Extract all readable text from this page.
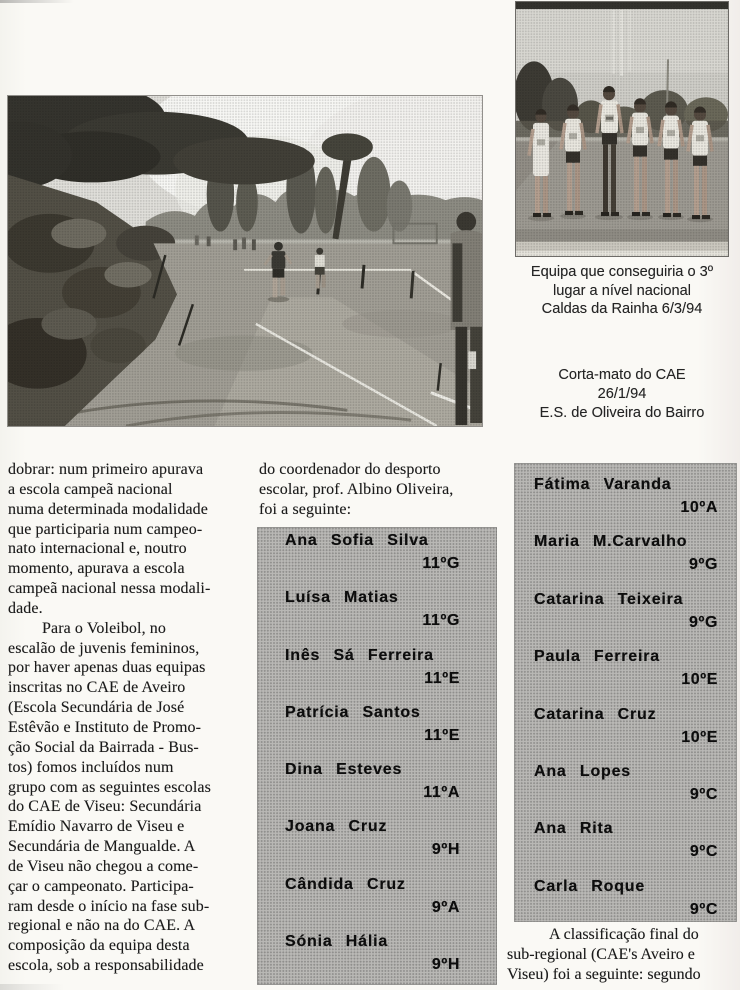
Equipa que conseguiria o 3º
lugar a nível nacional
Caldas da Rainha 6/3/94
Corta-mato do CAE
26/1/94
E.S. de Oliveira do Bairro
dobrar: num primeiro apurava
a escola campeã nacional
numa determinada modalidade
que participaria num campeo-
nato internacional e, noutro
momento, apurava a escola
campeã nacional nessa modali-
dade.
Para o Voleibol, no
escalão de juvenis femininos,
por haver apenas duas equipas
inscritas no CAE de Aveiro
(Escola Secundária de José
Estêvão e Instituto de Promo-
ção Social da Bairrada - Bus-
tos) fomos incluídos num
grupo com as seguintes escolas
do CAE de Viseu: Secundária
Emídio Navarro de Viseu e
Secundária de Mangualde. A
de Viseu não chegou a come-
çar o campeonato. Participa-
ram desde o início na fase sub-
regional e não na do CAE. A
composição da equipa desta
escola, sob a responsabilidade
do coordenador do desporto
escolar, prof. Albino Oliveira,
foi a seguinte:
Ana Sofia Silva
11ºG
Luísa Matias
11ºG
Inês Sá Ferreira
11ºE
Patrícia Santos
11ºE
Dina Esteves
11ºA
Joana Cruz
9ºH
Cândida Cruz
9ºA
Sónia Hália
9ºH
Fátima Varanda
10ºA
Maria M.Carvalho
9ºG
Catarina Teixeira
9ºG
Paula Ferreira
10ºE
Catarina Cruz
10ºE
Ana Lopes
9ºC
Ana Rita
9ºC
Carla Roque
9ºC
A classificação final do
sub-regional (CAE's Aveiro e
Viseu) foi a seguinte: segundo
